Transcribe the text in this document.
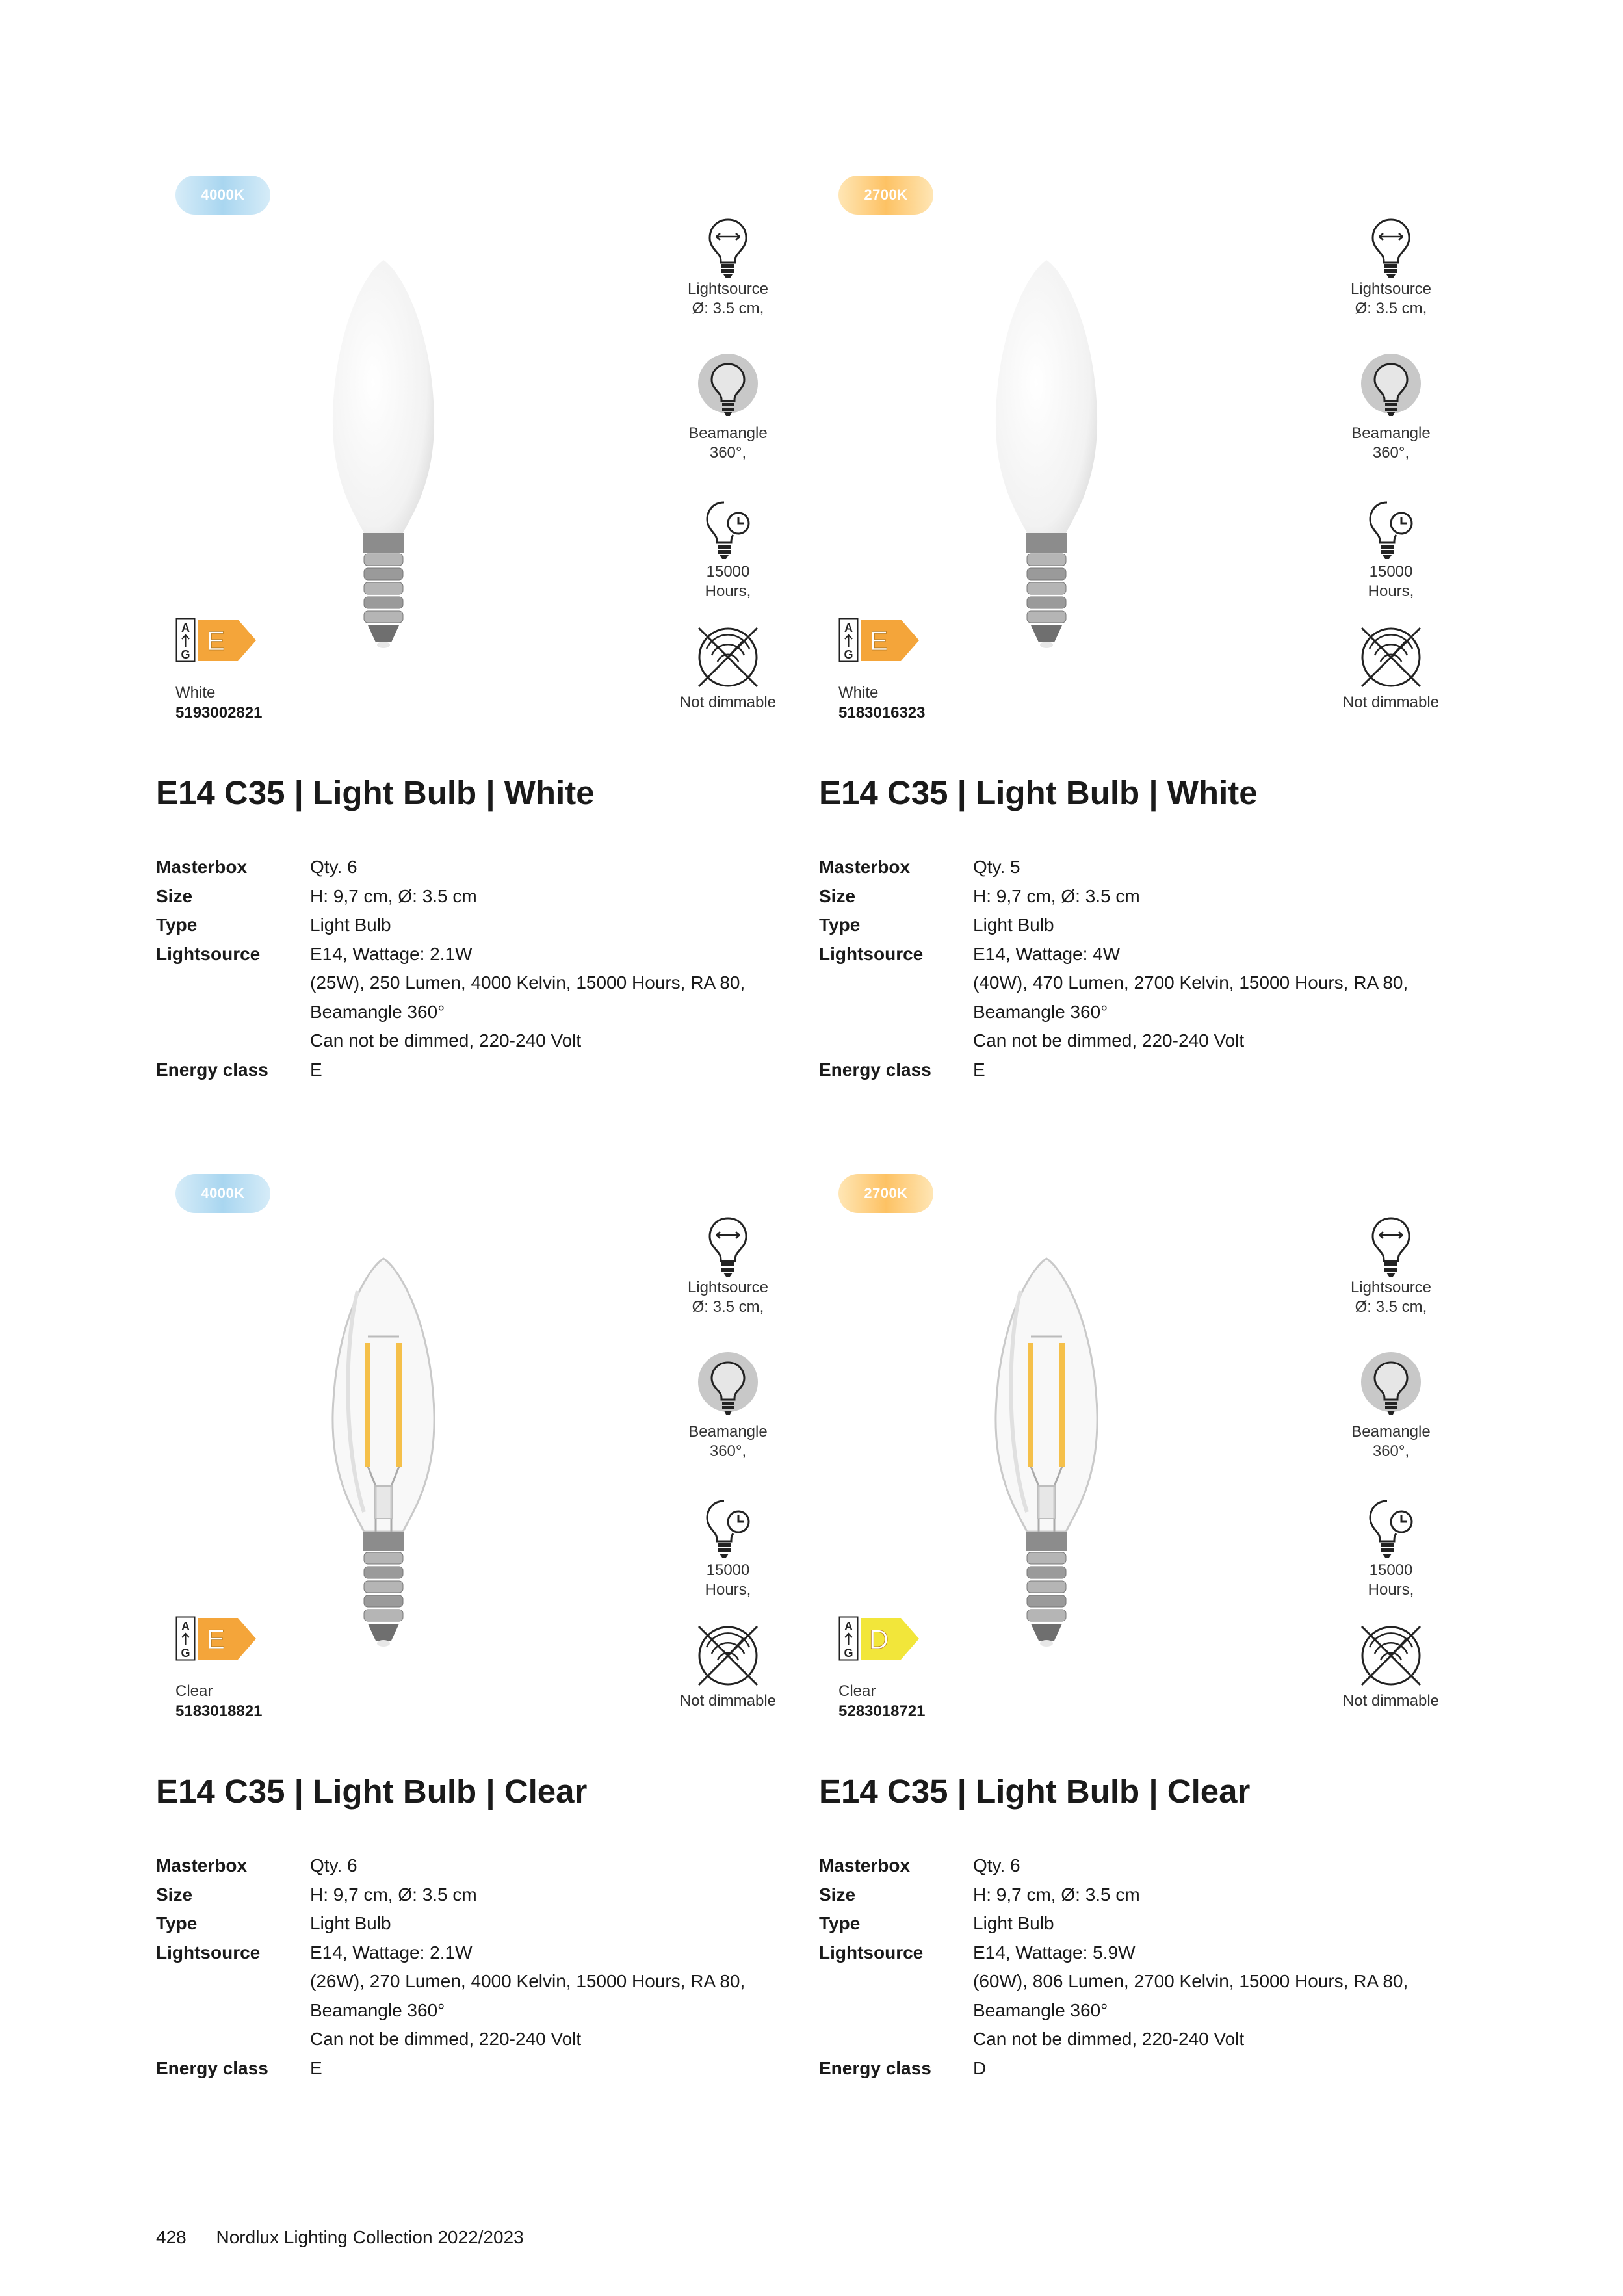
4000K
Lightsource
Ø: 3.5 cm,
Beamangle
360°,
15000
Hours,
Not dimmable
A
G E
White
5193002821
E14 C35 | Light Bulb | White
Masterbox	Qty. 6
Size	H: 9,7 cm, Ø: 3.5 cm
Type	Light Bulb
Lightsource	E14, Wattage: 2.1W
(25W), 250 Lumen, 4000 Kelvin, 15000 Hours, RA 80,
Beamangle 360°
Can not be dimmed, 220-240 Volt
Energy class	E
2700K
Lightsource
Ø: 3.5 cm,
Beamangle
360°,
15000
Hours,
Not dimmable
A
G E
White
5183016323
E14 C35 | Light Bulb | White
Masterbox	Qty. 5
Size	H: 9,7 cm, Ø: 3.5 cm
Type	Light Bulb
Lightsource	E14, Wattage: 4W
(40W), 470 Lumen, 2700 Kelvin, 15000 Hours, RA 80,
Beamangle 360°
Can not be dimmed, 220-240 Volt
Energy class	E
4000K
Lightsource
Ø: 3.5 cm,
Beamangle
360°,
15000
Hours,
Not dimmable
A
G E
Clear
5183018821
E14 C35 | Light Bulb | Clear
Masterbox	Qty. 6
Size	H: 9,7 cm, Ø: 3.5 cm
Type	Light Bulb
Lightsource	E14, Wattage: 2.1W
(26W), 270 Lumen, 4000 Kelvin, 15000 Hours, RA 80,
Beamangle 360°
Can not be dimmed, 220-240 Volt
Energy class	E
2700K
Lightsource
Ø: 3.5 cm,
Beamangle
360°,
15000
Hours,
Not dimmable
A
G D
Clear
5283018721
E14 C35 | Light Bulb | Clear
Masterbox	Qty. 6
Size	H: 9,7 cm, Ø: 3.5 cm
Type	Light Bulb
Lightsource	E14, Wattage: 5.9W
(60W), 806 Lumen, 2700 Kelvin, 15000 Hours, RA 80,
Beamangle 360°
Can not be dimmed, 220-240 Volt
Energy class	D
428 Nordlux Lighting Collection 2022/2023
